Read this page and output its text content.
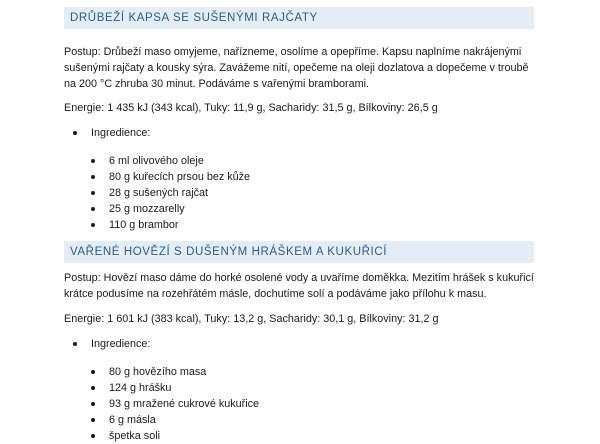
DRŮBEŽÍ KAPSA SE SUŠENÝMI RAJČATY

Postup: Drůbeží maso omyjeme, nařízneme, osolíme a opepříme. Kapsu naplníme nakrájenými sušenými rajčaty a kousky sýra. Zavážeme nití, opečeme na oleji dozlatova a dopečeme v troubě na 200 °C zhruba 30 minut. Podáváme s vařenými bramborami.

Energie: 1 435 kJ (343 kcal), Tuky: 11,9 g, Sacharidy: 31,5 g, Bílkoviny: 26,5 g

Ingredience:
6 ml olivového oleje
80 g kuřecích prsou bez kůže
28 g sušených rajčat
25 g mozzarelly
110 g brambor
VAŘENÉ HOVĚZÍ S DUŠENÝM HRÁŠKEM A KUKUŘICÍ

Postup: Hovězí maso dáme do horké osolené vody a uvaříme doměkka. Mezitím hrášek s kukuřicí krátce podusíme na rozehřátém másle, dochutíme solí a podáváme jako přílohu k masu.

Energie: 1 601 kJ (383 kcal), Tuky: 13,2 g, Sacharidy: 30,1 g, Bílkoviny: 31,2 g

Ingredience:
80 g hovězího masa
124 g hrášku
93 g mražené cukrové kukuřice
6 g másla
špetka soli
